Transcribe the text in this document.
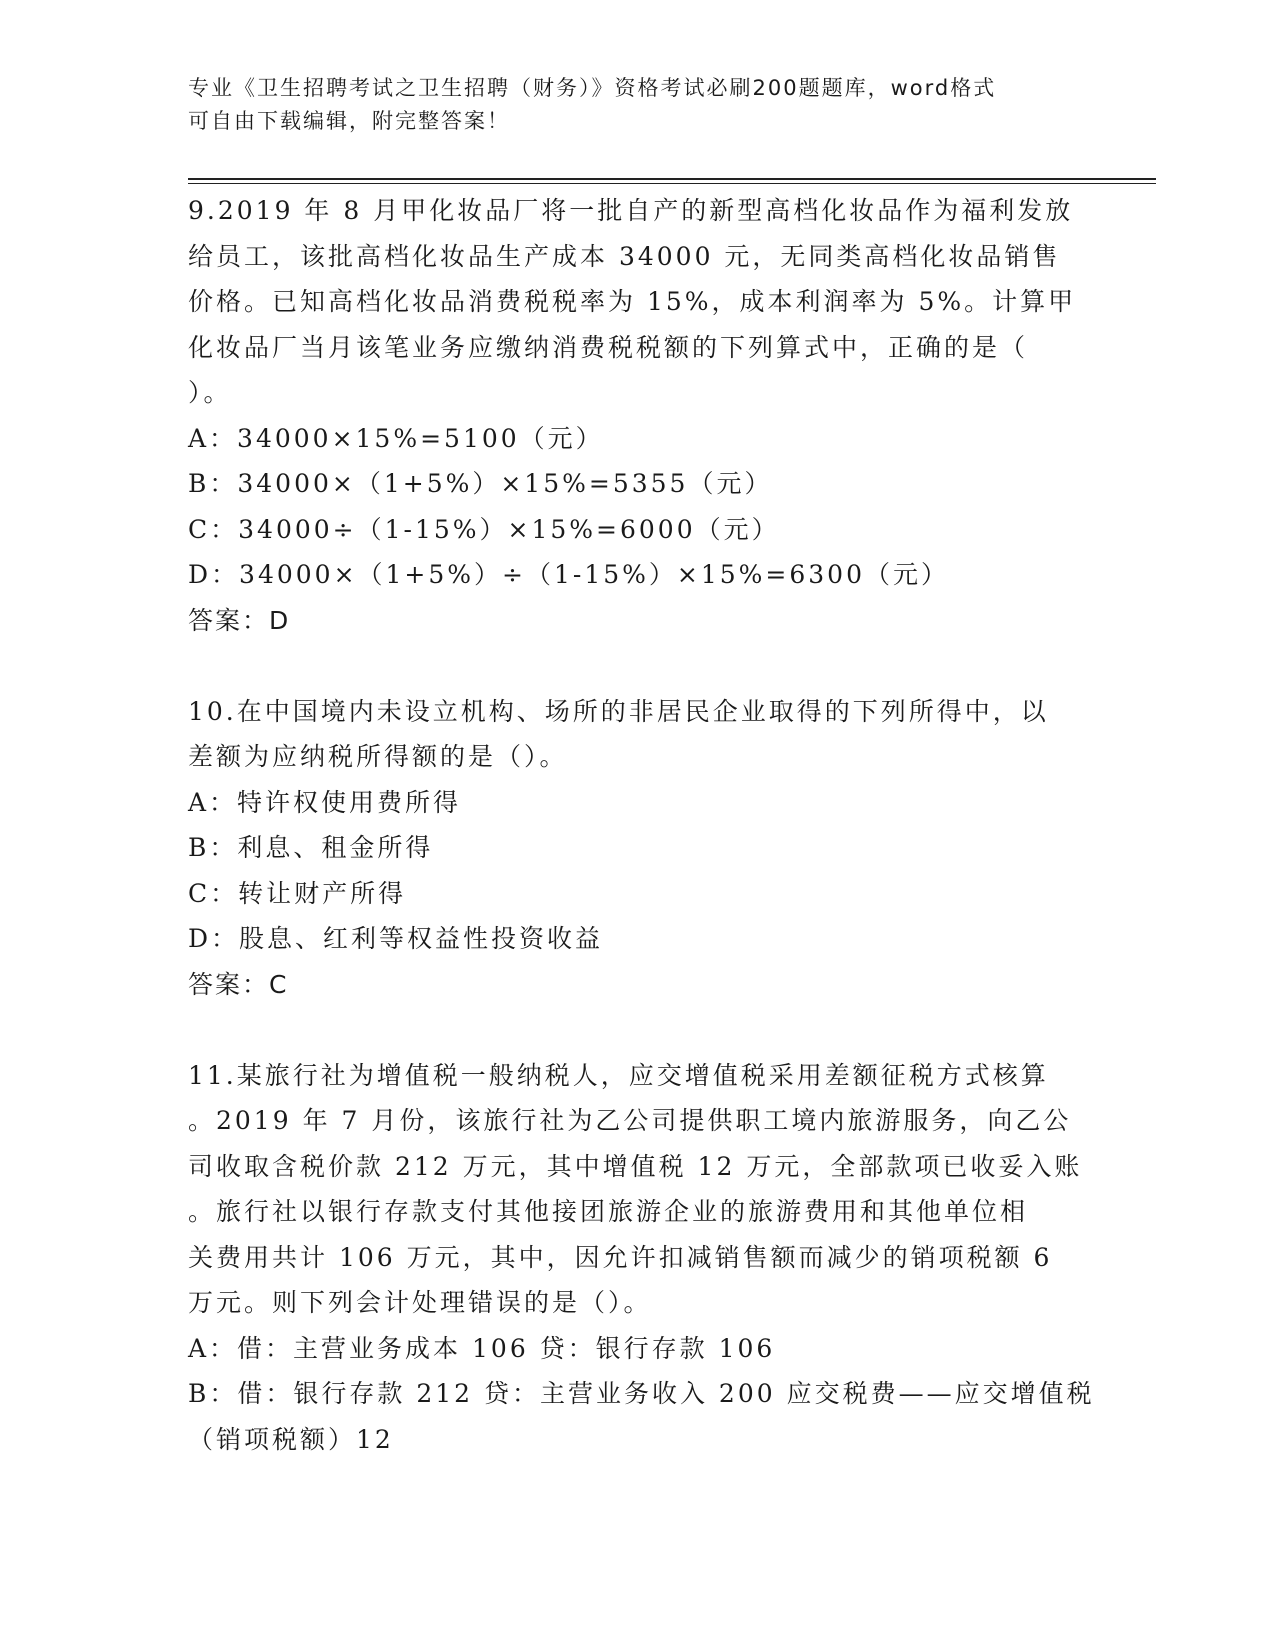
专业《卫生招聘考试之卫生招聘（财务）》资格考试必刷200题题库，word格式
可自由下载编辑，附完整答案！
9.2019 年 8 月甲化妆品厂将一批自产的新型高档化妆品作为福利发放
给员工，该批高档化妆品生产成本 34000 元，无同类高档化妆品销售
价格。已知高档化妆品消费税税率为 15%，成本利润率为 5%。计算甲
化妆品厂当月该笔业务应缴纳消费税税额的下列算式中，正确的是（
）。
A：34000×15%=5100（元）
B：34000×（1+5%）×15%=5355（元）
C：34000÷（1-15%）×15%=6000（元）
D：34000×（1+5%）÷（1-15%）×15%=6300（元）
答案：D
10.在中国境内未设立机构、场所的非居民企业取得的下列所得中，以
差额为应纳税所得额的是（）。
A：特许权使用费所得
B：利息、租金所得
C：转让财产所得
D：股息、红利等权益性投资收益
答案：C
11.某旅行社为增值税一般纳税人，应交增值税采用差额征税方式核算
。2019 年 7 月份，该旅行社为乙公司提供职工境内旅游服务，向乙公
司收取含税价款 212 万元，其中增值税 12 万元，全部款项已收妥入账
。旅行社以银行存款支付其他接团旅游企业的旅游费用和其他单位相
关费用共计 106 万元，其中，因允许扣减销售额而减少的销项税额 6
万元。则下列会计处理错误的是（）。
A：借：主营业务成本 106 贷：银行存款 106
B：借：银行存款 212 贷：主营业务收入 200 应交税费——应交增值税
（销项税额）12
